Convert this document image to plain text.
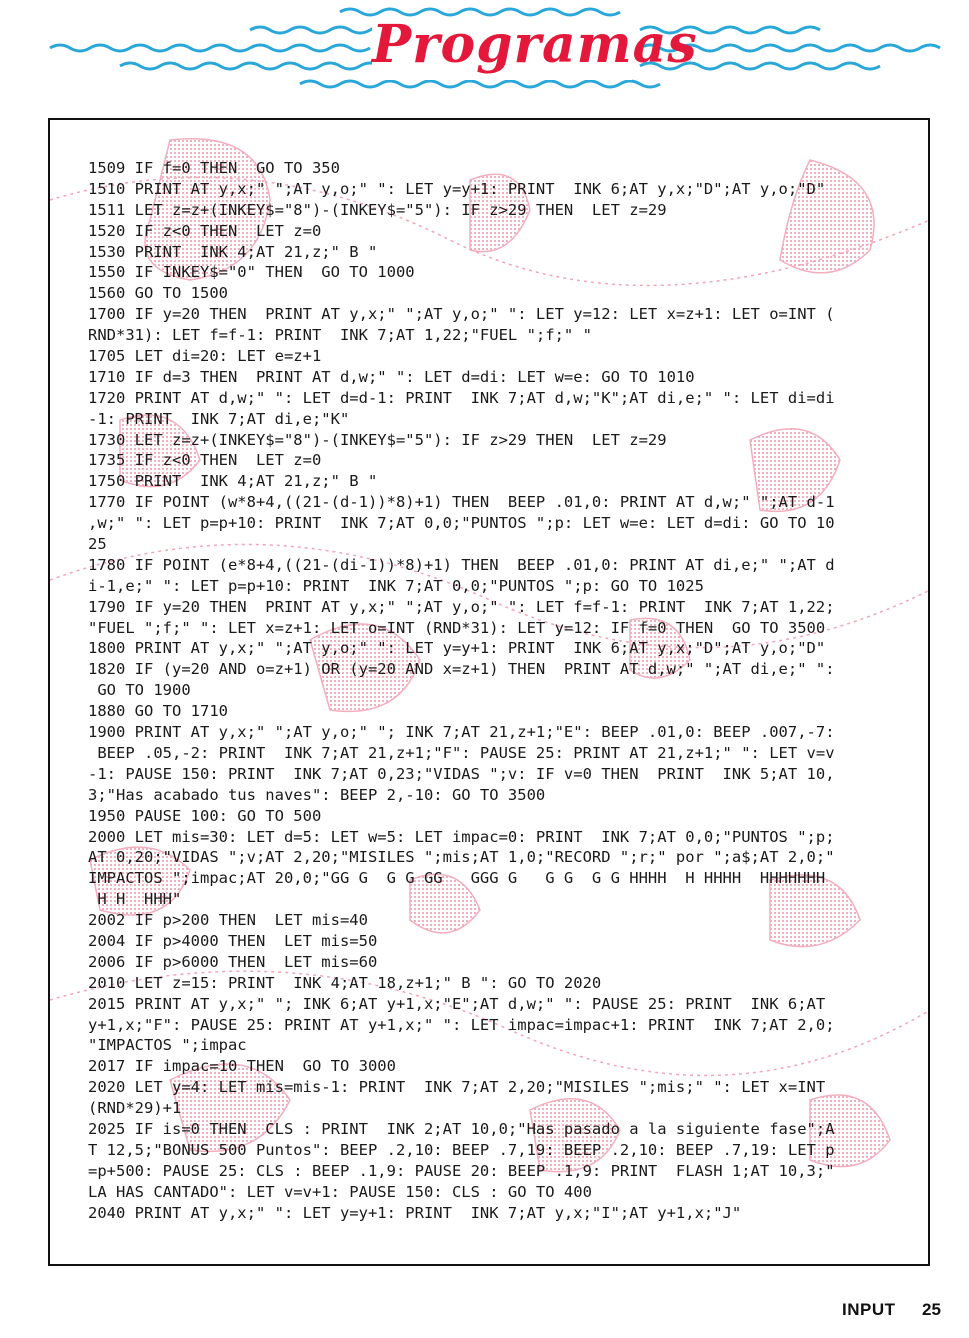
Programas
1509 IF f=0 THEN  GO TO 350
1510 PRINT AT y,x;" ";AT y,o;" ": LET y=y+1: PRINT  INK 6;AT y,x;"D";AT y,o;"D"
1511 LET z=z+(INKEY$="8")-(INKEY$="5"): IF z>29 THEN  LET z=29
1520 IF z<0 THEN  LET z=0
1530 PRINT  INK 4;AT 21,z;" B "
1550 IF INKEY$="0" THEN  GO TO 1000
1560 GO TO 1500
1700 IF y=20 THEN  PRINT AT y,x;" ";AT y,o;" ": LET y=12: LET x=z+1: LET o=INT (
RND*31): LET f=f-1: PRINT  INK 7;AT 1,22;"FUEL ";f;" "
1705 LET di=20: LET e=z+1
1710 IF d=3 THEN  PRINT AT d,w;" ": LET d=di: LET w=e: GO TO 1010
1720 PRINT AT d,w;" ": LET d=d-1: PRINT  INK 7;AT d,w;"K";AT di,e;" ": LET di=di
-1: PRINT  INK 7;AT di,e;"K"
1730 LET z=z+(INKEY$="8")-(INKEY$="5"): IF z>29 THEN  LET z=29
1735 IF z<0 THEN  LET z=0
1750 PRINT  INK 4;AT 21,z;" B "
1770 IF POINT (w*8+4,((21-(d-1))*8)+1) THEN  BEEP .01,0: PRINT AT d,w;" ";AT d-1
,w;" ": LET p=p+10: PRINT  INK 7;AT 0,0;"PUNTOS ";p: LET w=e: LET d=di: GO TO 10
25
1780 IF POINT (e*8+4,((21-(di-1))*8)+1) THEN  BEEP .01,0: PRINT AT di,e;" ";AT d
i-1,e;" ": LET p=p+10: PRINT  INK 7;AT 0,0;"PUNTOS ";p: GO TO 1025
1790 IF y=20 THEN  PRINT AT y,x;" ";AT y,o;" ": LET f=f-1: PRINT  INK 7;AT 1,22;
"FUEL ";f;" ": LET x=z+1: LET o=INT (RND*31): LET y=12: IF f=0 THEN  GO TO 3500
1800 PRINT AT y,x;" ";AT y,o;" ": LET y=y+1: PRINT  INK 6;AT y,x;"D";AT y,o;"D"
1820 IF (y=20 AND o=z+1) OR (y=20 AND x=z+1) THEN  PRINT AT d,w;" ";AT di,e;" ":
GO TO 1900
1880 GO TO 1710
1900 PRINT AT y,x;" ";AT y,o;" "; INK 7;AT 21,z+1;"E": BEEP .01,0: BEEP .007,-7:
BEEP .05,-2: PRINT  INK 7;AT 21,z+1;"F": PAUSE 25: PRINT AT 21,z+1;" ": LET v=v
-1: PAUSE 150: PRINT  INK 7;AT 0,23;"VIDAS ";v: IF v=0 THEN  PRINT  INK 5;AT 10,
3;"Has acabado tus naves": BEEP 2,-10: GO TO 3500
1950 PAUSE 100: GO TO 500
2000 LET mis=30: LET d=5: LET w=5: LET impac=0: PRINT  INK 7;AT 0,0;"PUNTOS ";p;
AT 0,20;"VIDAS ";v;AT 2,20;"MISILES ";mis;AT 1,0;"RECORD ";r;" por ";a$;AT 2,0;"
IMPACTOS ";impac;AT 20,0;"GG G  G G GG   GGG G   G G  G G HHHH  H HHHH  HHHHHHH
H H  HHH"
2002 IF p>200 THEN  LET mis=40
2004 IF p>4000 THEN  LET mis=50
2006 IF p>6000 THEN  LET mis=60
2010 LET z=15: PRINT  INK 4;AT 18,z+1;" B ": GO TO 2020
2015 PRINT AT y,x;" "; INK 6;AT y+1,x;"E";AT d,w;" ": PAUSE 25: PRINT  INK 6;AT
y+1,x;"F": PAUSE 25: PRINT AT y+1,x;" ": LET impac=impac+1: PRINT  INK 7;AT 2,0;
"IMPACTOS ";impac
2017 IF impac=10 THEN  GO TO 3000
2020 LET y=4: LET mis=mis-1: PRINT  INK 7;AT 2,20;"MISILES ";mis;" ": LET x=INT
(RND*29)+1
2025 IF is=0 THEN  CLS : PRINT  INK 2;AT 10,0;"Has pasado a la siguiente fase";A
T 12,5;"BONUS 500 Puntos": BEEP .2,10: BEEP .7,19: BEEP .2,10: BEEP .7,19: LET p
=p+500: PAUSE 25: CLS : BEEP .1,9: PAUSE 20: BEEP .1,9: PRINT  FLASH 1;AT 10,3;"
LA HAS CANTADO": LET v=v+1: PAUSE 150: CLS : GO TO 400
2040 PRINT AT y,x;" ": LET y=y+1: PRINT  INK 7;AT y,x;"I";AT y+1,x;"J"
INPUT 25
